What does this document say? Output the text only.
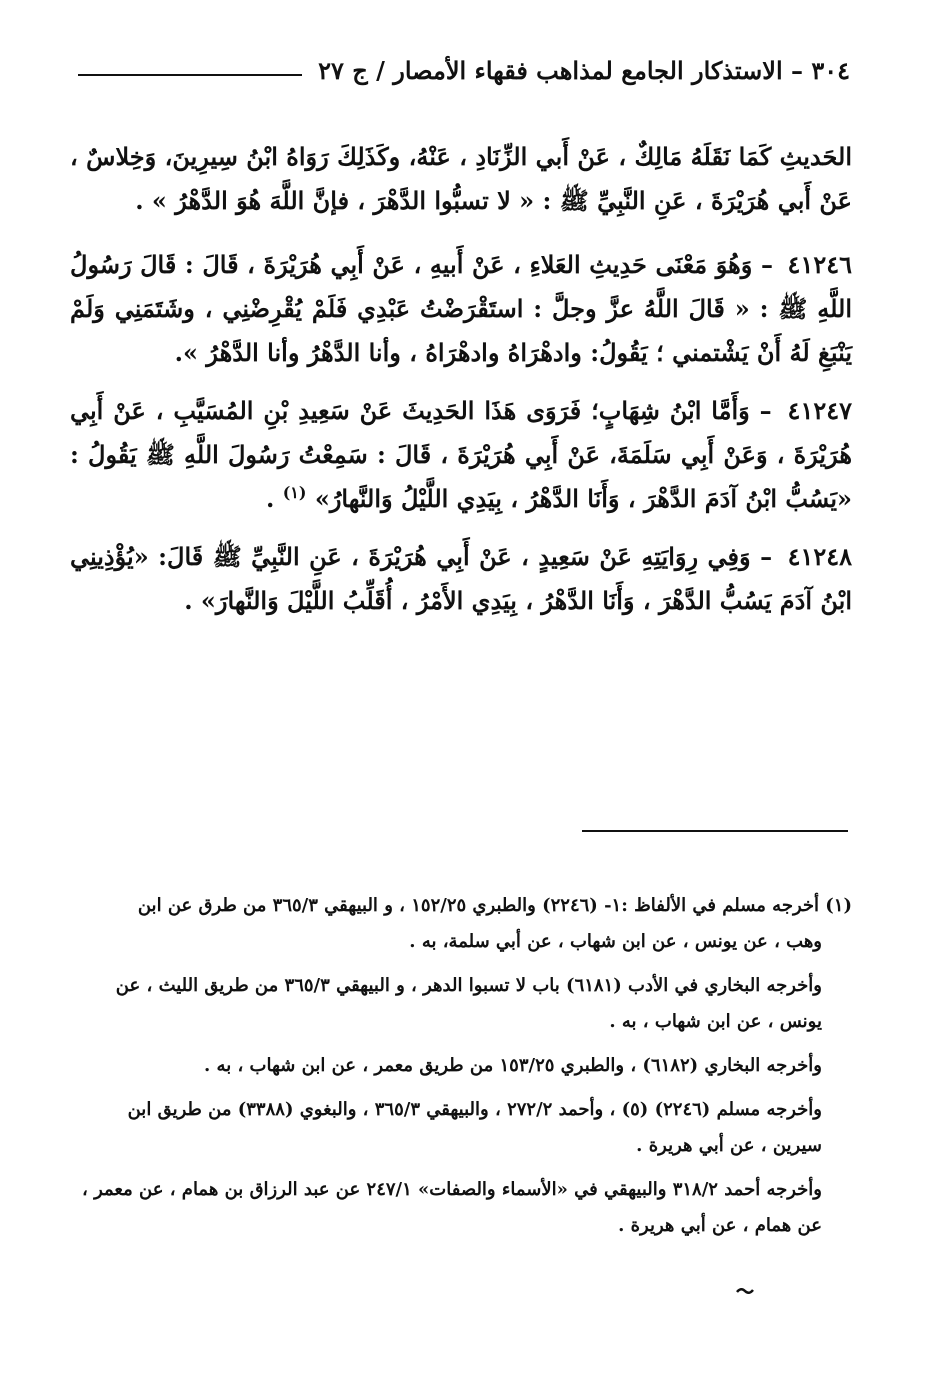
٣٠٤ – الاستذكار الجامع لمذاهب فقهاء الأمصار / ج ٢٧

الحَديثِ كَمَا نَقَلَهُ مَالِكٌ ، عَنْ أَبي الزِّنَادِ ، عَنْهُ، وكَذَلِكَ رَوَاهُ ابْنُ سِيرِينَ، وَخِلاسٌ ، عَنْ أَبي هُرَيْرَةَ ، عَنِ النَّبِيِّ ﷺ : « لا تسبُّوا الدَّهْرَ ، فإنَّ اللَّهَ هُوَ الدَّهْرُ » .

٤١٢٤٦ – وَهُوَ مَعْنَى حَدِيثِ العَلاءِ ، عَنْ أَبيهِ ، عَنْ أَبِي هُرَيْرَةَ ، قَالَ : قَالَ رَسُولُ اللَّهِ ﷺ : « قَالَ اللَّهُ عزَّ وجلَّ : استَقْرَضْتُ عَبْدِي فَلَمْ يُقْرِضْنِي ، وشَتَمَنِي وَلَمْ يَنْبَغِ لَهُ أَنْ يَشْتمني ؛ يَقُولُ: وادهْرَاهُ وادهْرَاهُ ، وأنا الدَّهْرُ وأنا الدَّهْرُ ».

٤١٢٤٧ – وَأَمَّا ابْنُ شِهَابٍ؛ فَرَوَى هَذَا الحَدِيثَ عَنْ سَعِيدِ بْنِ المُسَيَّبِ ، عَنْ أَبِي هُرَيْرَةَ ، وَعَنْ أَبِي سَلَمَةَ، عَنْ أَبِي هُرَيْرَةَ ، قَالَ : سَمِعْتُ رَسُولَ اللَّهِ ﷺ يَقُولُ : «يَسُبُّ ابْنُ آدَمَ الدَّهْرَ ، وَأَنَا الدَّهْرُ ، بِيَدِي اللَّيْلُ وَالنَّهارُ» $^{(١)}$ .

٤١٢٤٨ – وَفِي رِوَايَتِهِ عَنْ سَعِيدٍ ، عَنْ أَبِي هُرَيْرَةَ ، عَنِ النَّبِيِّ ﷺ قَالَ: «يُؤْذِينِي ابْنُ آدَمَ يَسُبُّ الدَّهْرَ ، وَأَنَا الدَّهْرُ ، بِيَدِي الأَمْرُ ، أُقَلِّبُ اللَّيْلَ وَالنَّهارَ» .

(١) أخرجه مسلم في الألفاظ :١- (٢٢٤٦) والطبري ١٥٢/٢٥ ، و البيهقي ٣٦٥/٣ من طرق عن ابن
وهب ، عن يونس ، عن ابن شهاب ، عن أبي سلمة، به .

وأخرجه البخاري في الأدب (٦١٨١) باب لا تسبوا الدهر ، و البيهقي ٣٦٥/٣ من طريق الليث ، عن يونس ، عن ابن شهاب ، به .

وأخرجه البخاري (٦١٨٢) ، والطبري ١٥٣/٢٥ من طريق معمر ، عن ابن شهاب ، به .

وأخرجه مسلم (٢٢٤٦) (٥) ، وأحمد ٢٧٢/٢ ، والبيهقي ٣٦٥/٣ ، والبغوي (٣٣٨٨) من طريق ابن سيرين ، عن أبي هريرة .

وأخرجه أحمد ٣١٨/٢ والبيهقي في «الأسماء والصفات» ٢٤٧/١ عن عبد الرزاق بن همام ، عن معمر ، عن همام ، عن أبي هريرة .
